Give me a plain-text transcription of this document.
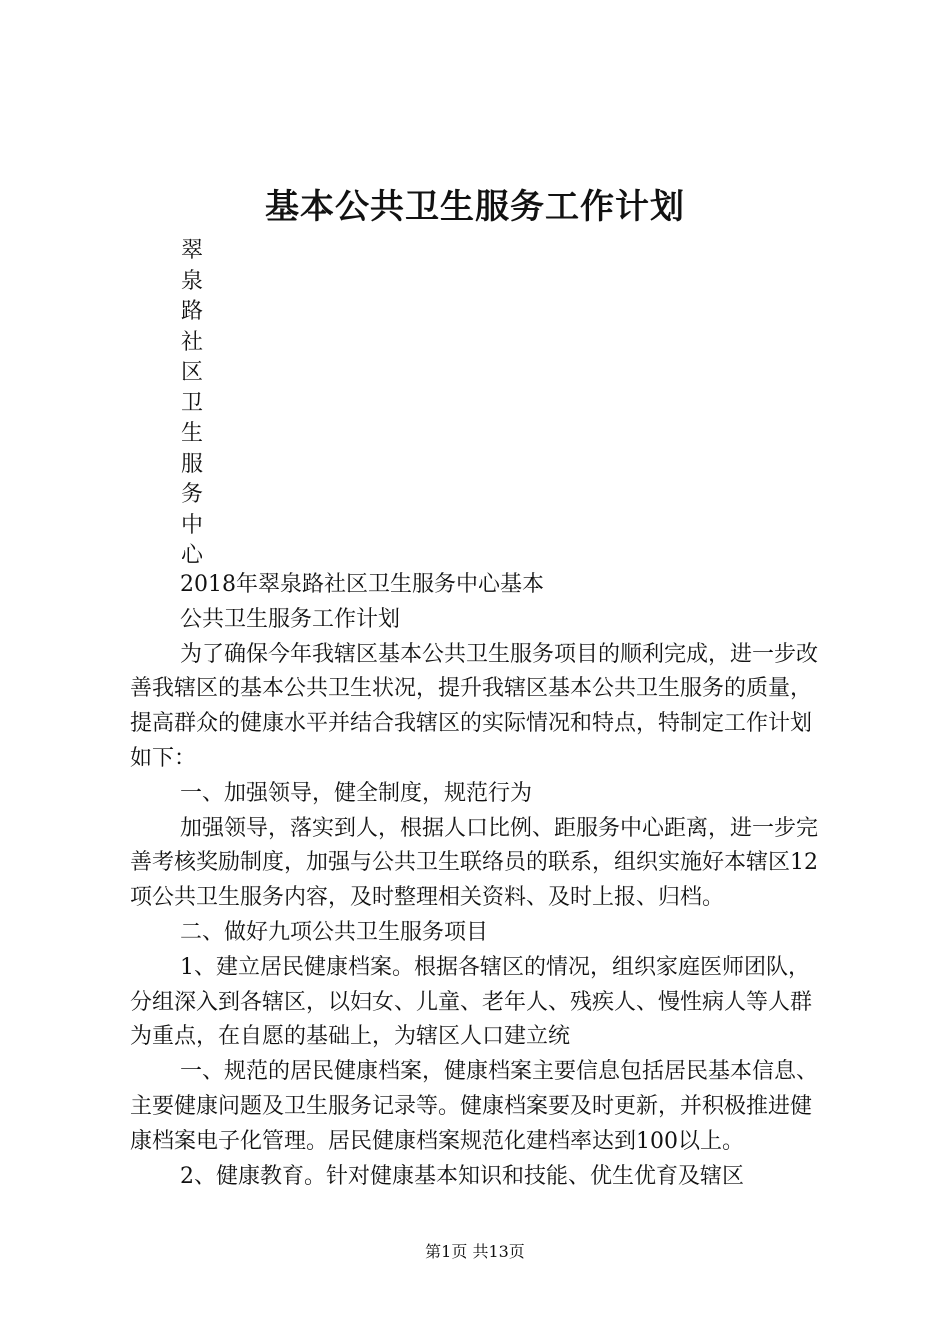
基本公共卫生服务工作计划
翠
泉
路
社
区
卫
生
服
务
中
心

2018年翠泉路社区卫生服务中心基本

公共卫生服务工作计划

为了确保今年我辖区基本公共卫生服务项目的顺利完成，进一步改善我辖区的基本公共卫生状况，提升我辖区基本公共卫生服务的质量，提高群众的健康水平并结合我辖区的实际情况和特点，特制定工作计划如下：

一、加强领导，健全制度，规范行为

加强领导，落实到人，根据人口比例、距服务中心距离，进一步完善考核奖励制度，加强与公共卫生联络员的联系，组织实施好本辖区12项公共卫生服务内容，及时整理相关资料、及时上报、归档。

二、做好九项公共卫生服务项目

1、建立居民健康档案。根据各辖区的情况，组织家庭医师团队，分组深入到各辖区，以妇女、儿童、老年人、残疾人、慢性病人等人群为重点，在自愿的基础上，为辖区人口建立统

一、规范的居民健康档案，健康档案主要信息包括居民基本信息、主要健康问题及卫生服务记录等。健康档案要及时更新，并积极推进健康档案电子化管理。居民健康档案规范化建档率达到100以上。

2、健康教育。针对健康基本知识和技能、优生优育及辖区

第1页 共13页
